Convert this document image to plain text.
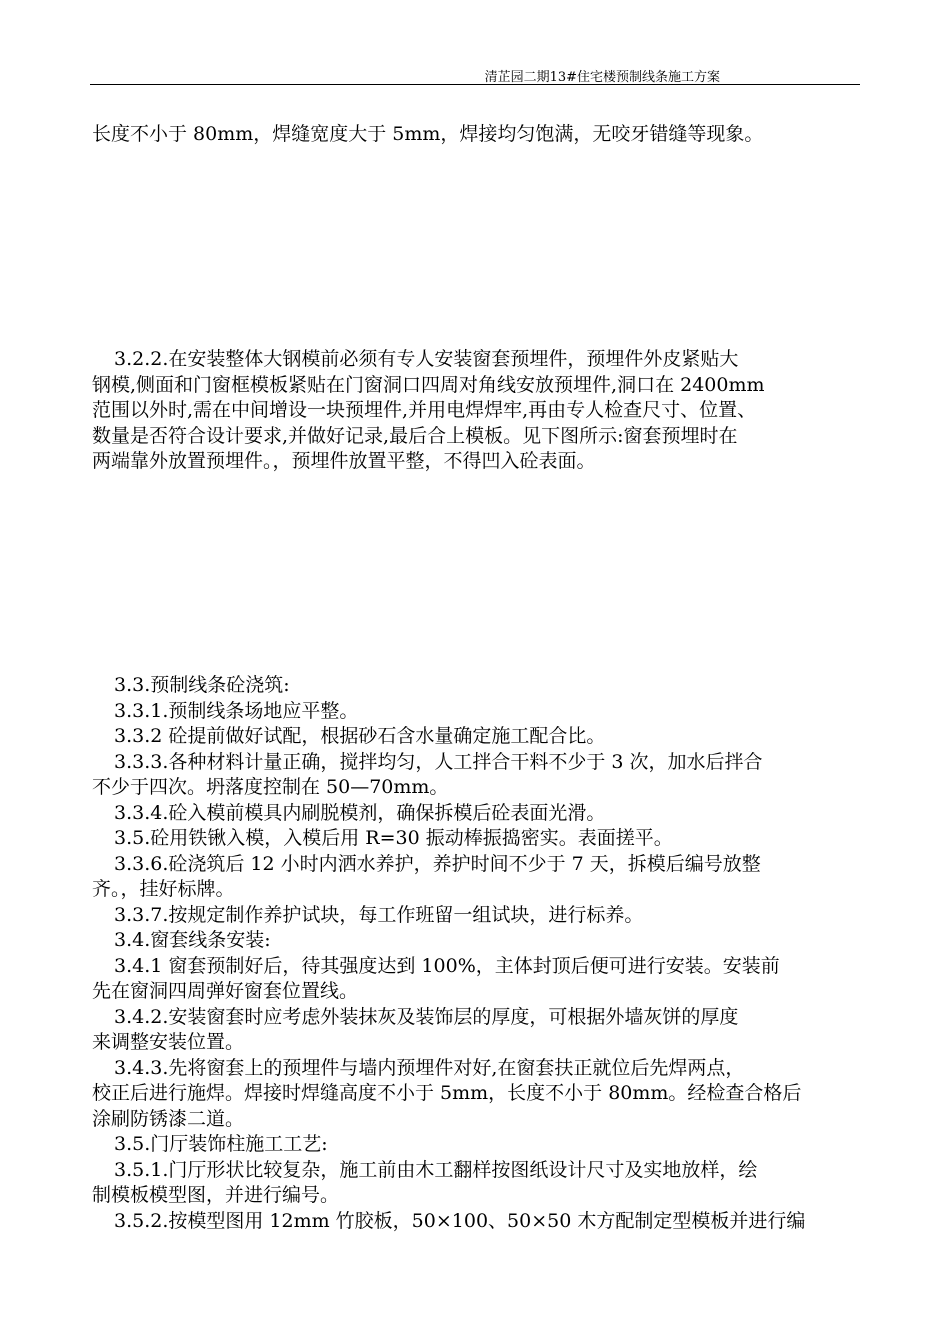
清芷园二期13#住宅楼预制线条施工方案
长度不小于 80mm，焊缝宽度大于 5mm，焊接均匀饱满，无咬牙错缝等现象。
3.2.2.在安装整体大钢模前必须有专人安装窗套预埋件，预埋件外皮紧贴大
钢模,侧面和门窗框模板紧贴在门窗洞口四周对角线安放预埋件,洞口在 2400mm
范围以外时,需在中间增设一块预埋件,并用电焊焊牢,再由专人检查尺寸、位置、
数量是否符合设计要求,并做好记录,最后合上模板。见下图所示:窗套预埋时在
两端靠外放置预埋件。，预埋件放置平整，不得凹入砼表面。
3.3.预制线条砼浇筑:
3.3.1.预制线条场地应平整。
3.3.2 砼提前做好试配，根据砂石含水量确定施工配合比。
3.3.3.各种材料计量正确，搅拌均匀，人工拌合干料不少于 3 次，加水后拌合
不少于四次。坍落度控制在 50—70mm。
3.3.4.砼入模前模具内刷脱模剂，确保拆模后砼表面光滑。
3.5.砼用铁锹入模，入模后用 R=30 振动棒振捣密实。表面搓平。
3.3.6.砼浇筑后 12 小时内洒水养护，养护时间不少于 7 天，拆模后编号放整
齐。，挂好标牌。
3.3.7.按规定制作养护试块，每工作班留一组试块，进行标养。
3.4.窗套线条安装:
3.4.1 窗套预制好后，待其强度达到 100%，主体封顶后便可进行安装。安装前
先在窗洞四周弹好窗套位置线。
3.4.2.安装窗套时应考虑外装抹灰及装饰层的厚度，可根据外墙灰饼的厚度
来调整安装位置。
3.4.3.先将窗套上的预埋件与墙内预埋件对好,在窗套扶正就位后先焊两点，
校正后进行施焊。焊接时焊缝高度不小于 5mm，长度不小于 80mm。经检查合格后
涂刷防锈漆二道。
3.5.门厅装饰柱施工工艺:
3.5.1.门厅形状比较复杂，施工前由木工翻样按图纸设计尺寸及实地放样，绘
制模板模型图，并进行编号。
3.5.2.按模型图用 12mm 竹胶板，50×100、50×50 木方配制定型模板并进行编
